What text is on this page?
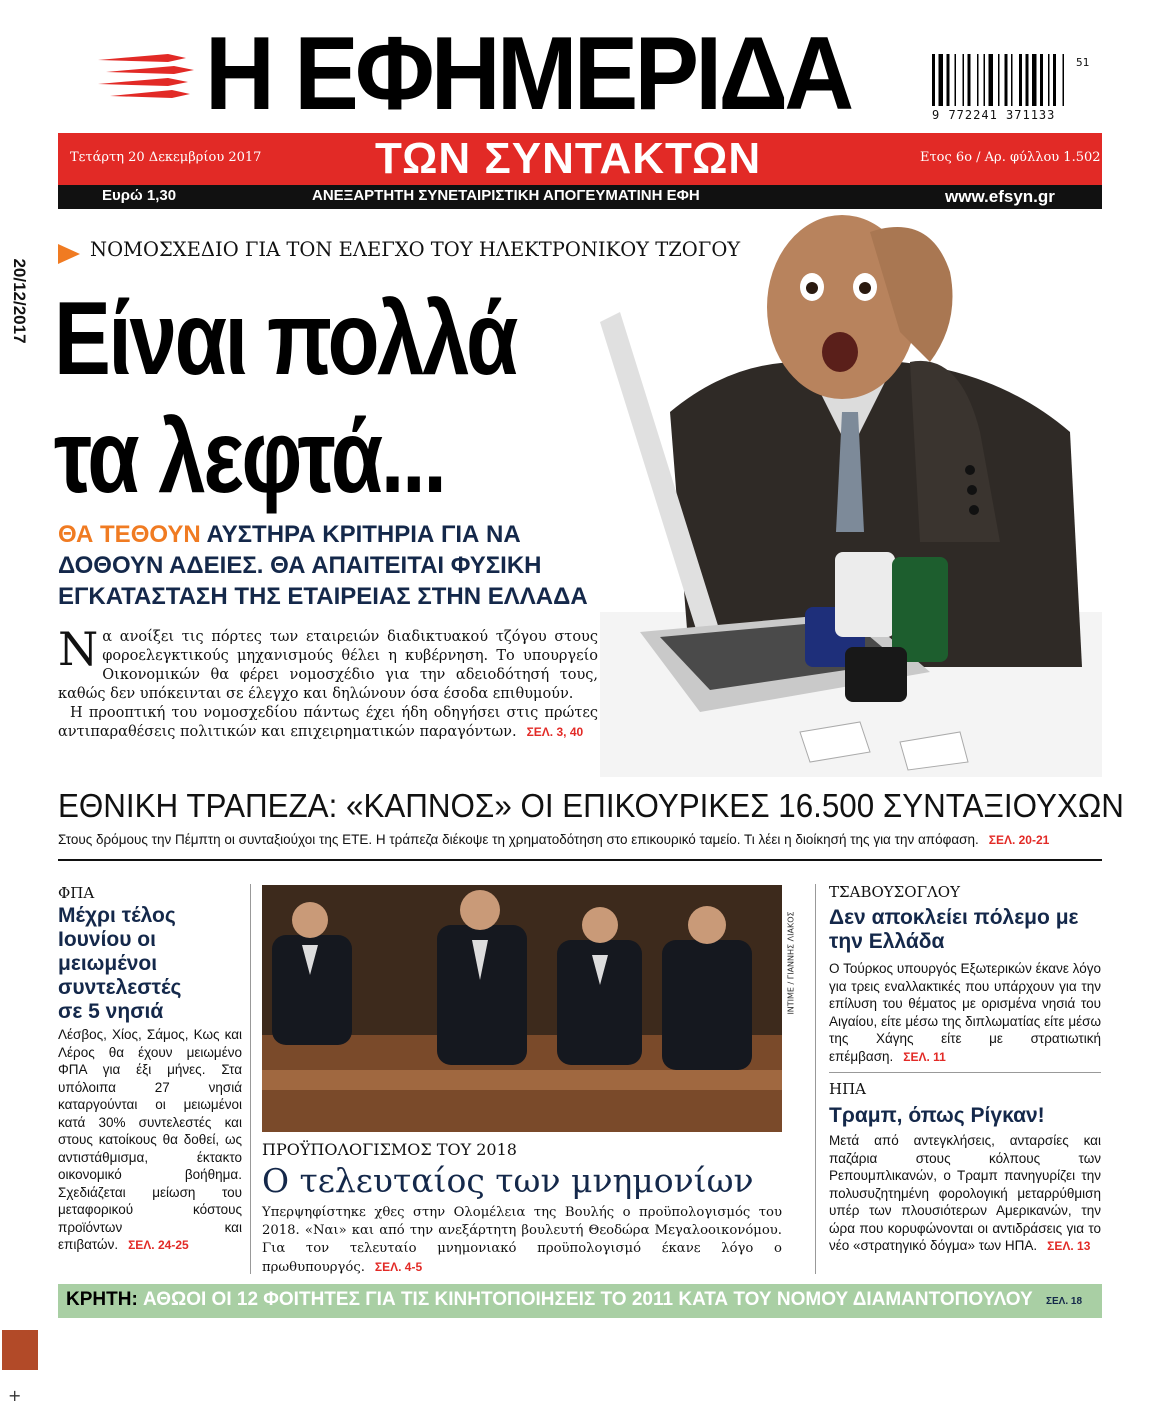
Η ΕΦΗΜΕΡΙΔΑ	9 772241 371133
51
Τετάρτη 20 Δεκεμβρίου 2017	ΤΩΝ ΣΥΝΤΑΚΤΩΝ	Ετος 6ο / Αρ. φύλλου 1.502
Ευρώ 1,30	ΑΝΕΞΑΡΤΗΤΗ ΣΥΝΕΤΑΙΡΙΣΤΙΚΗ ΑΠΟΓΕΥΜΑΤΙΝΗ ΕΦΗ	www.efsyn.gr
20/12/2017
ΝΟΜΟΣΧΕΔΙΟ ΓΙΑ ΤΟΝ ΕΛΕΓΧΟ ΤΟΥ ΗΛΕΚΤΡΟΝΙΚΟΥ ΤΖΟΓΟΥ
Είναι πολλά
τα λεφτά...
ΘΑ ΤΕΘΟΥΝ ΑΥΣΤΗΡΑ ΚΡΙΤΗΡΙΑ ΓΙΑ ΝΑ ΔΟΘΟΥΝ ΑΔΕΙΕΣ. ΘΑ ΑΠΑΙΤΕΙΤΑΙ ΦΥΣΙΚΗ ΕΓΚΑΤΑΣΤΑΣΗ ΤΗΣ ΕΤΑΙΡΕΙΑΣ ΣΤΗΝ ΕΛΛΑΔΑ
Να ανοίξει τις πόρτες των εταιρειών διαδικτυακού τζόγου στους φοροελεγκτικούς μηχανισμούς θέλει η κυβέρνηση. Το υπουργείο Οικονομικών θα φέρει νομοσχέδιο για την αδειοδότησή τους, καθώς δεν υπόκεινται σε έλεγχο και δηλώνουν όσα έσοδα επιθυμούν.
Η προοπτική του νομοσχεδίου πάντως έχει ήδη οδηγήσει στις πρώτες αντιπαραθέσεις πολιτικών και επιχειρηματικών παραγόντων. ΣΕΛ. 3, 40
ΕΘΝΙΚΗ ΤΡΑΠΕΖΑ: «ΚΑΠΝΟΣ» ΟΙ ΕΠΙΚΟΥΡΙΚΕΣ 16.500 ΣΥΝΤΑΞΙΟΥΧΩΝ
Στους δρόμους την Πέμπτη οι συνταξιούχοι της ΕΤΕ. Η τράπεζα διέκοψε τη χρηματοδότηση στο επικουρικό ταμείο. Τι λέει η διοίκησή της για την απόφαση. ΣΕΛ. 20-21
ΦΠΑ
Μέχρι τέλος Ιουνίου οι μειωμένοι συντελεστές σε 5 νησιά
Λέσβος, Χίος, Σάμος, Κως και Λέρος θα έχουν μειωμένο ΦΠΑ για έξι μήνες. Στα υπόλοιπα 27 νησιά καταργούνται οι μειωμένοι κατά 30% συντελεστές και στους κατοίκους θα δοθεί, ως αντιστάθμισμα, έκτακτο οικονομικό βοήθημα. Σχεδιάζεται μείωση του μεταφορικού κόστους προϊόντων και επιβατών. ΣΕΛ. 24-25
INTIME / ΓΙΑΝΝΗΣ ΛΙΑΚΟΣ
ΠΡΟΫΠΟΛΟΓΙΣΜΟΣ ΤΟΥ 2018
Ο τελευταίος των μνημονίων
Υπερψηφίστηκε χθες στην Ολομέλεια της Βουλής ο προϋπολογισμός του 2018. «Ναι» και από την ανεξάρτητη βουλευτή Θεοδώρα Μεγαλοοικονόμου. Για τον τελευταίο μνημονιακό προϋπολογισμό έκανε λόγο ο πρωθυπουργός. ΣΕΛ. 4-5
ΤΣΑΒΟΥΣΟΓΛΟΥ
Δεν αποκλείει πόλεμο με την Ελλάδα
Ο Τούρκος υπουργός Εξωτερικών έκανε λόγο για τρεις εναλλακτικές που υπάρχουν για την επίλυση του θέματος με ορισμένα νησιά του Αιγαίου, είτε μέσω της διπλωματίας είτε μέσω της Χάγης είτε με στρατιωτική επέμβαση. ΣΕΛ. 11
ΗΠΑ
Τραμπ, όπως Ρίγκαν!
Μετά από αντεγκλήσεις, ανταρσίες και παζάρια στους κόλπους των Ρεπουμπλικανών, ο Τραμπ πανηγυρίζει την πολυσυζητημένη φορολογική μεταρρύθμιση υπέρ των πλουσιότερων Αμερικανών, την ώρα που κορυφώνονται οι αντιδράσεις για το νέο «στρατηγικό δόγμα» των ΗΠΑ. ΣΕΛ. 13
ΚΡΗΤΗ: ΑΘΩΟΙ ΟΙ 12 ΦΟΙΤΗΤΕΣ ΓΙΑ ΤΙΣ ΚΙΝΗΤΟΠΟΙΗΣΕΙΣ ΤΟ 2011 ΚΑΤΑ ΤΟΥ ΝΟΜΟΥ ΔΙΑΜΑΝΤΟΠΟΥΛΟΥ ΣΕΛ. 18
+
